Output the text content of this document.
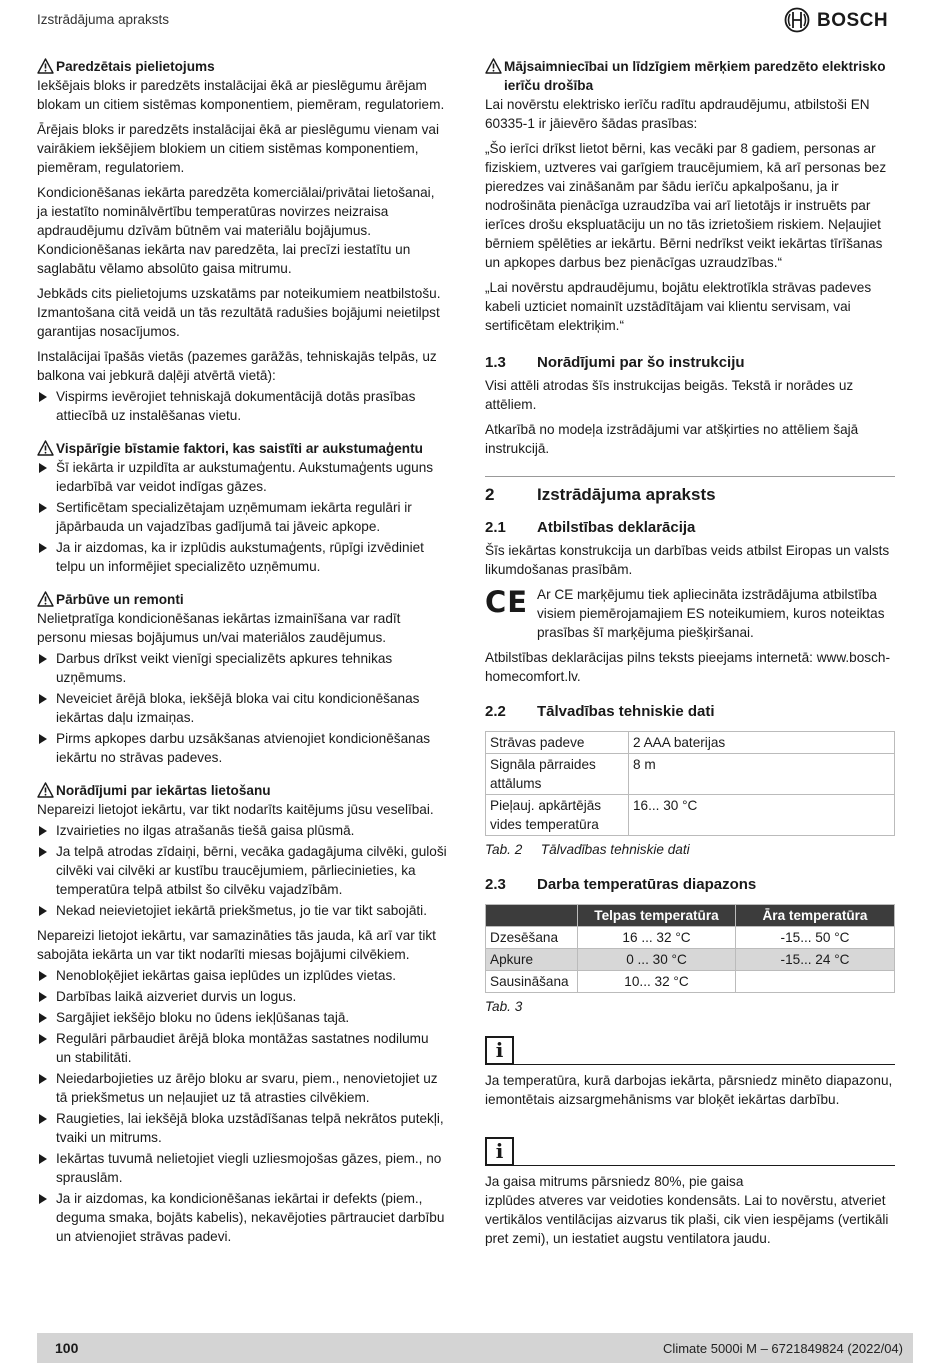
Izstrādājuma apraksts	BOSCH
Paredzētais pielietojums

Iekšējais bloks ir paredzēts instalācijai ēkā ar pieslēgumu ārējam blokam un citiem sistēmas komponentiem, piemēram, regulatoriem.

Ārējais bloks ir paredzēts instalācijai ēkā ar pieslēgumu vienam vai vairākiem iekšējiem blokiem un citiem sistēmas komponentiem, piemēram, regulatoriem.

Kondicionēšanas iekārta paredzēta komerciālai/privātai lietošanai, ja iestatīto nominālvērtību temperatūras novirzes neizraisa apdraudējumu dzīvām būtnēm vai materiālu bojājumus. Kondicionēšanas iekārta nav paredzēta, lai precīzi iestatītu un saglabātu vēlamo absolūto gaisa mitrumu.

Jebkāds cits pielietojums uzskatāms par noteikumiem neatbilstošu. Izmantošana citā veidā un tās rezultātā radušies bojājumi neietilpst garantijas nosacījumos.

Instalācijai īpašās vietās (pazemes garāžās, tehniskajās telpās, uz balkona vai jebkurā daļēji atvērtā vietā):

Vispirms ievērojiet tehniskajā dokumentācijā dotās prasības attiecībā uz instalēšanas vietu.
Vispārīgie bīstamie faktori, kas saistīti ar aukstumaģentu
Šī iekārta ir uzpildīta ar aukstumaģentu. Aukstumaģents uguns iedarbībā var veidot indīgas gāzes.
Sertificētam specializētajam uzņēmumam iekārta regulāri ir jāpārbauda un vajadzības gadījumā tai jāveic apkope.
Ja ir aizdomas, ka ir izplūdis aukstumaģents, rūpīgi izvēdiniet telpu un informējiet specializēto uzņēmumu.
Pārbūve un remonti

Nelietpratīga kondicionēšanas iekārtas izmainīšana var radīt personu miesas bojājumus un/vai materiālos zaudējumus.

Darbus drīkst veikt vienīgi specializēts apkures tehnikas uzņēmums.
Neveiciet ārējā bloka, iekšējā bloka vai citu kondicionēšanas iekārtas daļu izmaiņas.
Pirms apkopes darbu uzsākšanas atvienojiet kondicionēšanas iekārtu no strāvas padeves.
Norādījumi par iekārtas lietošanu

Nepareizi lietojot iekārtu, var tikt nodarīts kaitējums jūsu veselībai.

Izvairieties no ilgas atrašanās tiešā gaisa plūsmā.
Ja telpā atrodas zīdaiņi, bērni, vecāka gadagājuma cilvēki, guloši cilvēki vai cilvēki ar kustību traucējumiem, pārliecinieties, ka temperatūra telpā atbilst šo cilvēku vajadzībām.
Nekad neievietojiet iekārtā priekšmetus, jo tie var tikt sabojāti.

Nepareizi lietojot iekārtu, var samazināties tās jauda, kā arī var tikt sabojāta iekārta un var tikt nodarīti miesas bojājumi cilvēkiem.

Nenobloķējiet iekārtas gaisa ieplūdes un izplūdes vietas.
Darbības laikā aizveriet durvis un logus.
Sargājiet iekšējo bloku no ūdens iekļūšanas tajā.
Regulāri pārbaudiet ārējā bloka montāžas sastatnes nodilumu un stabilitāti.
Neiedarbojieties uz ārējo bloku ar svaru, piem., nenovietojiet uz tā priekšmetus un neļaujiet uz tā atrasties cilvēkiem.
Raugieties, lai iekšējā bloka uzstādīšanas telpā nekrātos putekļi, tvaiki un mitrums.
Iekārtas tuvumā nelietojiet viegli uzliesmojošas gāzes, piem., no sprauslām.
Ja ir aizdomas, ka kondicionēšanas iekārtai ir defekts (piem., deguma smaka, bojāts kabelis), nekavējoties pārtrauciet darbību un atvienojiet strāvas padevi.
Mājsaimniecībai un līdzīgiem mērķiem paredzēto elektrisko ierīču drošība

Lai novērstu elektrisko ierīču radītu apdraudējumu, atbilstoši EN 60335-1 ir jāievēro šādas prasības:

„Šo ierīci drīkst lietot bērni, kas vecāki par 8 gadiem, personas ar fiziskiem, uztveres vai garīgiem traucējumiem, kā arī personas bez pieredzes vai zināšanām par šādu ierīču apkalpošanu, ja ir nodrošināta pienācīga uzraudzība vai arī lietotājs ir instruēts par ierīces drošu ekspluatāciju un no tās izrietošiem riskiem. Neļaujiet bērniem spēlēties ar iekārtu. Bērni nedrīkst veikt iekārtas tīrīšanas un apkopes darbus bez pienācīgas uzraudzības.“

„Lai novērstu apdraudējumu, bojātu elektrotīkla strāvas padeves kabeli uzticiet nomainīt uzstādītājam vai klientu servisam, vai sertificētam elektriķim.“

1.3	Norādījumi par šo instrukciju

Visi attēli atrodas šīs instrukcijas beigās. Tekstā ir norādes uz attēliem.

Atkarībā no modeļa izstrādājumi var atšķirties no attēliem šajā instrukcijā.

2	Izstrādājuma apraksts
2.1	Atbilstības deklarācija

Šīs iekārtas konstrukcija un darbības veids atbilst Eiropas un valsts likumdošanas prasībām.

CE Ar CE marķējumu tiek apliecināta izstrādājuma atbilstība visiem piemērojamajiem ES noteikumiem, kuros noteiktas prasības šī marķējuma piešķiršanai.

Atbilstības deklarācijas pilns teksts pieejams internetā: www.bosch-homecomfort.lv.

2.2	Tālvadības tehniskie dati
Strāvas padeve	2 AAA baterijas
Signāla pārraides attālums	8 m
Pieļauj. apkārtējās vides temperatūra	16... 30 °C
Tab. 2 Tālvadības tehniskie dati
2.3	Darba temperatūras diapazons
	Telpas temperatūra	Āra temperatūra
Dzesēšana	16 ... 32 °C	-15... 50 °C
Apkure	0 ... 30 °C	-15... 24 °C
Sausināšana	10... 32 °C	
Tab. 3
i

Ja temperatūra, kurā darbojas iekārta, pārsniedz minēto diapazonu, iemontētais aizsargmehānisms var bloķēt iekārtas darbību.

i
Ja gaisa mitrums pārsniedz 80%, pie gaisa
izplūdes atveres var veidoties kondensāts. Lai to novērstu, atveriet vertikālos ventilācijas aizvarus tik plaši, cik vien iespējams (vertikāli pret zemi), un iestatiet augstu ventilatora jaudu.
100	Climate 5000i M – 6721849824 (2022/04)
